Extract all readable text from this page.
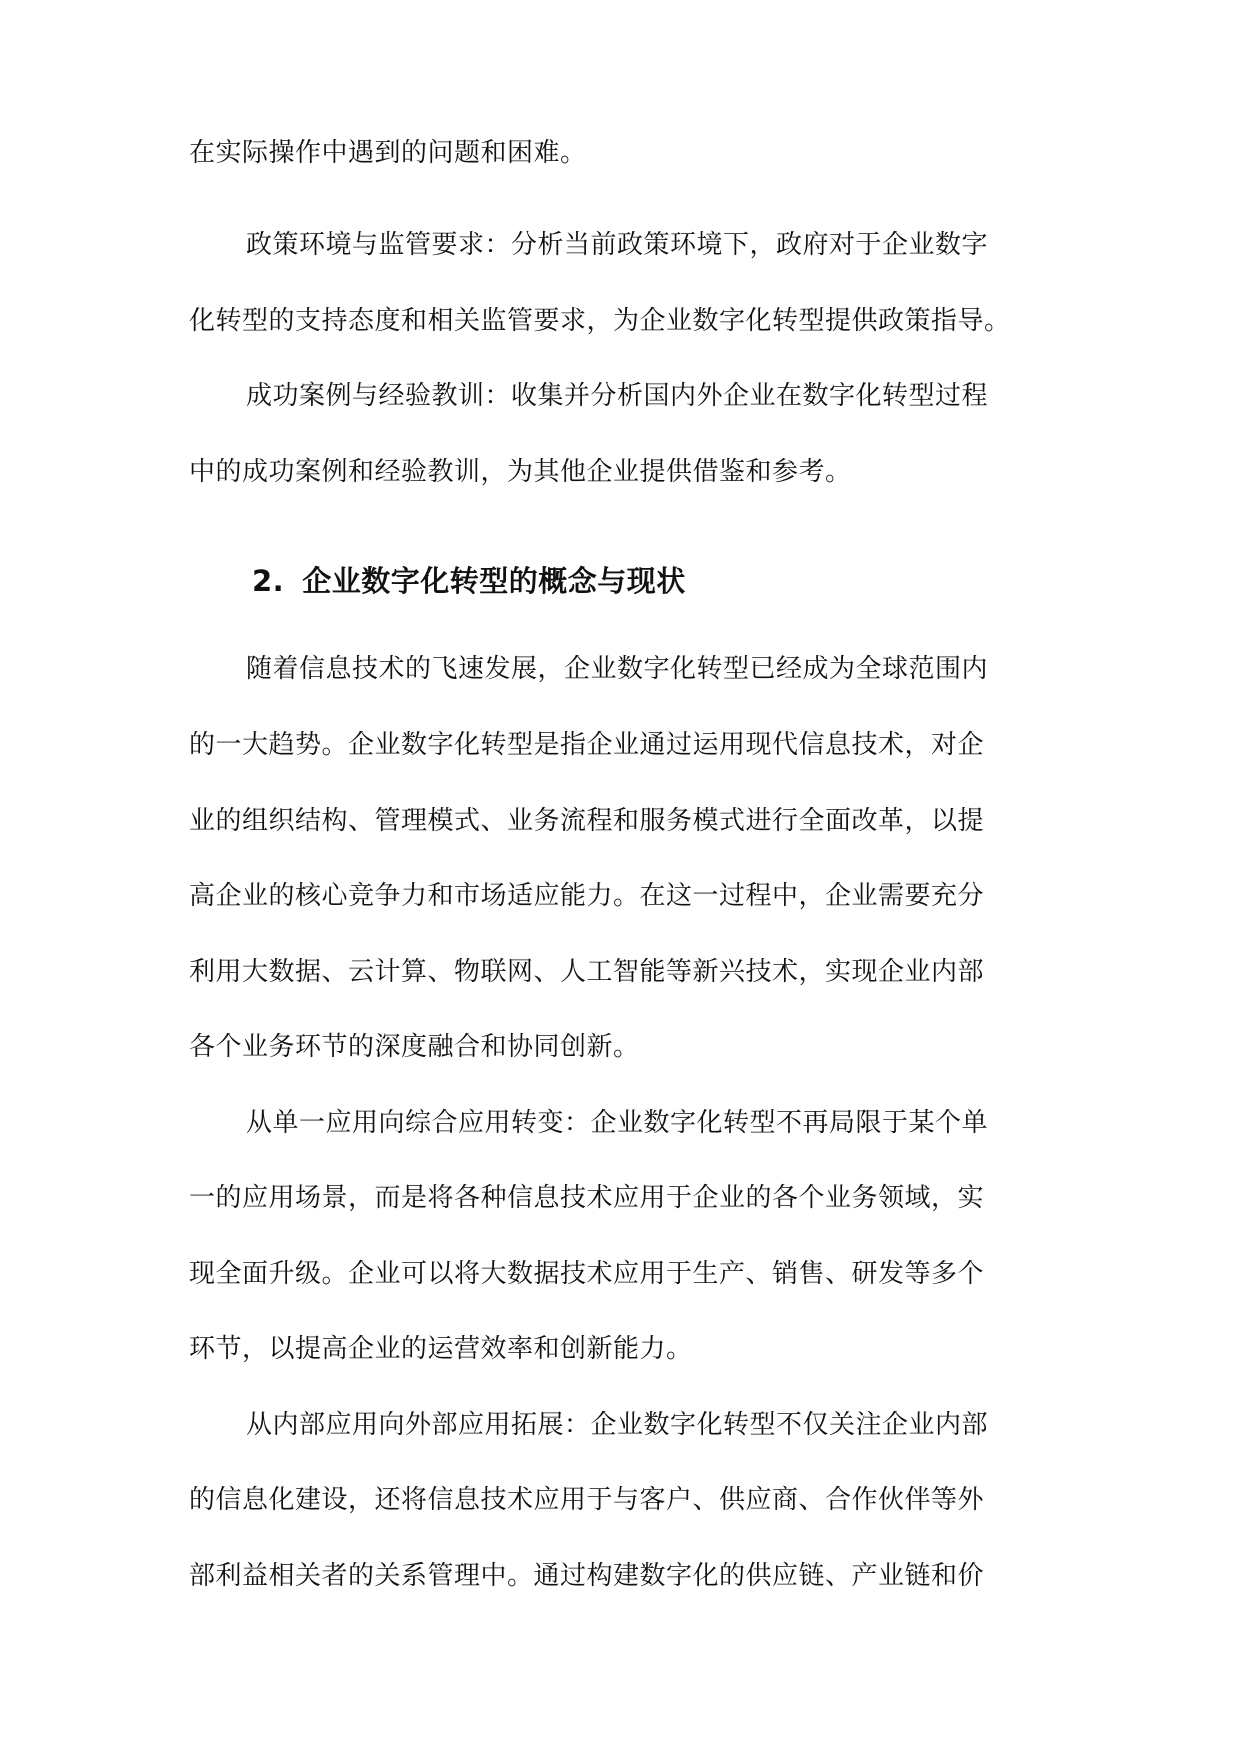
在实际操作中遇到的问题和困难。
政策环境与监管要求：分析当前政策环境下，政府对于企业数字
化转型的支持态度和相关监管要求，为企业数字化转型提供政策指导。
成功案例与经验教训：收集并分析国内外企业在数字化转型过程
中的成功案例和经验教训，为其他企业提供借鉴和参考。
2. 企业数字化转型的概念与现状
随着信息技术的飞速发展，企业数字化转型已经成为全球范围内
的一大趋势。企业数字化转型是指企业通过运用现代信息技术，对企
业的组织结构、管理模式、业务流程和服务模式进行全面改革，以提
高企业的核心竞争力和市场适应能力。在这一过程中，企业需要充分
利用大数据、云计算、物联网、人工智能等新兴技术，实现企业内部
各个业务环节的深度融合和协同创新。
从单一应用向综合应用转变：企业数字化转型不再局限于某个单
一的应用场景，而是将各种信息技术应用于企业的各个业务领域，实
现全面升级。企业可以将大数据技术应用于生产、销售、研发等多个
环节，以提高企业的运营效率和创新能力。
从内部应用向外部应用拓展：企业数字化转型不仅关注企业内部
的信息化建设，还将信息技术应用于与客户、供应商、合作伙伴等外
部利益相关者的关系管理中。通过构建数字化的供应链、产业链和价
